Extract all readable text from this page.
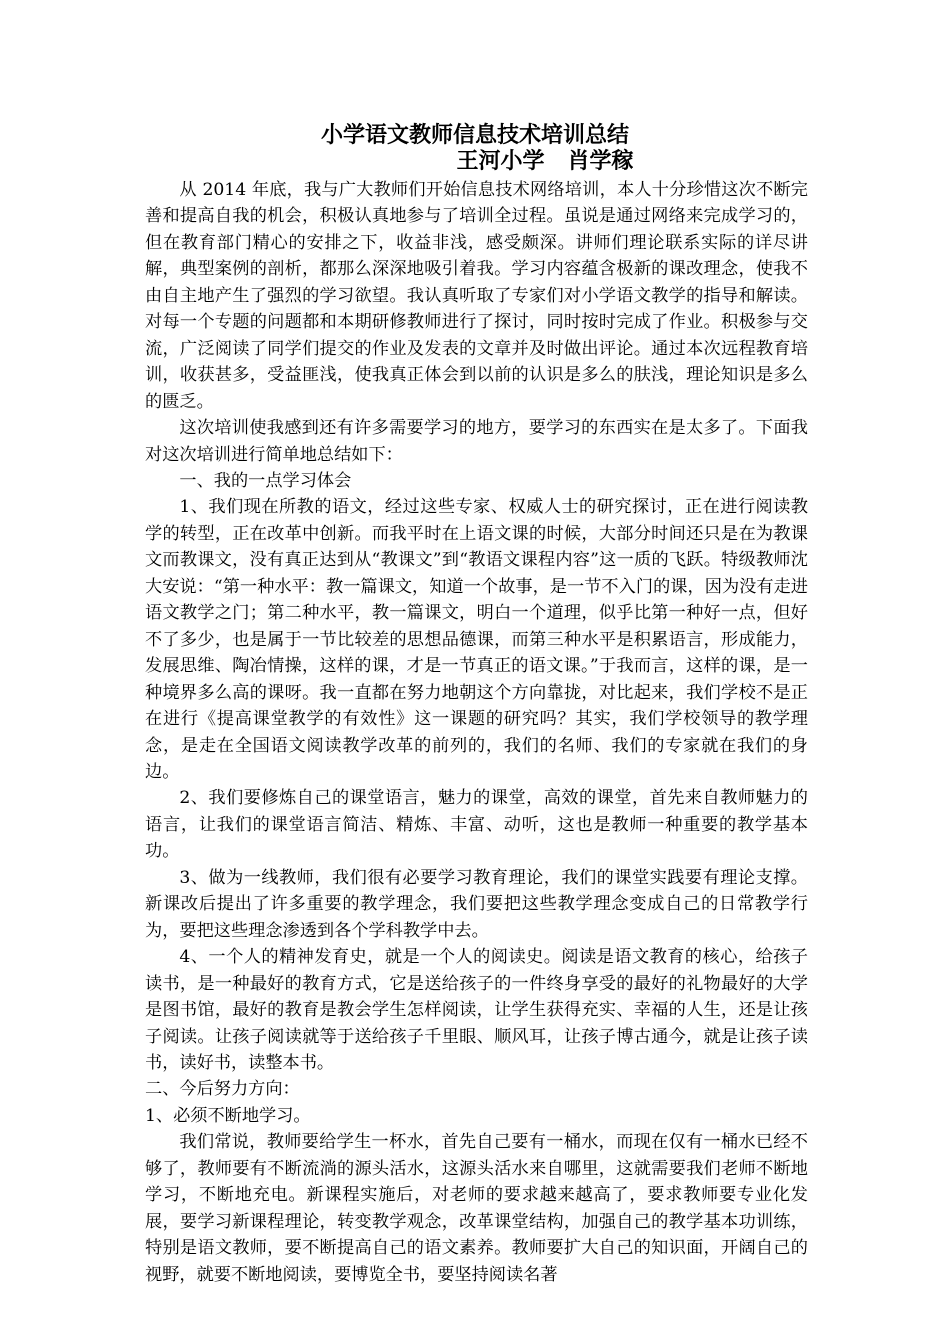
小学语文教师信息技术培训总结
王河小学   肖学稼

从 2014 年底，我与广大教师们开始信息技术网络培训，本人十分珍惜这次不断完善和提高自我的机会，积极认真地参与了培训全过程。虽说是通过网络来完成学习的，但在教育部门精心的安排之下，收益非浅，感受颇深。讲师们理论联系实际的详尽讲解，典型案例的剖析，都那么深深地吸引着我。学习内容蕴含极新的课改理念，使我不由自主地产生了强烈的学习欲望。我认真听取了专家们对小学语文教学的指导和解读。对每一个专题的问题都和本期研修教师进行了探讨，同时按时完成了作业。积极参与交流，广泛阅读了同学们提交的作业及发表的文章并及时做出评论。通过本次远程教育培训，收获甚多，受益匪浅，使我真正体会到以前的认识是多么的肤浅，理论知识是多么的匮乏。

这次培训使我感到还有许多需要学习的地方，要学习的东西实在是太多了。下面我对这次培训进行简单地总结如下：

一、我的一点学习体会

1、我们现在所教的语文，经过这些专家、权威人士的研究探讨，正在进行阅读教学的转型，正在改革中创新。而我平时在上语文课的时候，大部分时间还只是在为教课文而教课文，没有真正达到从“教课文”到“教语文课程内容”这一质的飞跃。特级教师沈大安说：“第一种水平：教一篇课文，知道一个故事，是一节不入门的课，因为没有走进语文教学之门；第二种水平，教一篇课文，明白一个道理，似乎比第一种好一点，但好不了多少，也是属于一节比较差的思想品德课，而第三种水平是积累语言，形成能力，发展思维、陶冶情操，这样的课，才是一节真正的语文课。”于我而言，这样的课，是一种境界多么高的课呀。我一直都在努力地朝这个方向靠拢，对比起来，我们学校不是正在进行《提高课堂教学的有效性》这一课题的研究吗？其实，我们学校领导的教学理念，是走在全国语文阅读教学改革的前列的，我们的名师、我们的专家就在我们的身边。

2、我们要修炼自己的课堂语言，魅力的课堂，高效的课堂，首先来自教师魅力的语言，让我们的课堂语言简洁、精炼、丰富、动听，这也是教师一种重要的教学基本功。

3、做为一线教师，我们很有必要学习教育理论，我们的课堂实践要有理论支撑。新课改后提出了许多重要的教学理念，我们要把这些教学理念变成自己的日常教学行为，要把这些理念渗透到各个学科教学中去。

4、一个人的精神发育史，就是一个人的阅读史。阅读是语文教育的核心，给孩子读书，是一种最好的教育方式，它是送给孩子的一件终身享受的最好的礼物最好的大学是图书馆，最好的教育是教会学生怎样阅读，让学生获得充实、幸福的人生，还是让孩子阅读。让孩子阅读就等于送给孩子千里眼、顺风耳，让孩子博古通今，就是让孩子读书，读好书，读整本书。

二、今后努力方向：

1、必须不断地学习。

我们常说，教师要给学生一杯水，首先自己要有一桶水，而现在仅有一桶水已经不够了，教师要有不断流淌的源头活水，这源头活水来自哪里，这就需要我们老师不断地学习，不断地充电。新课程实施后，对老师的要求越来越高了，要求教师要专业化发展，要学习新课程理论，转变教学观念，改革课堂结构，加强自己的教学基本功训练，特别是语文教师，要不断提高自己的语文素养。教师要扩大自己的知识面，开阔自己的视野，就要不断地阅读，要博览全书，要坚持阅读名著
